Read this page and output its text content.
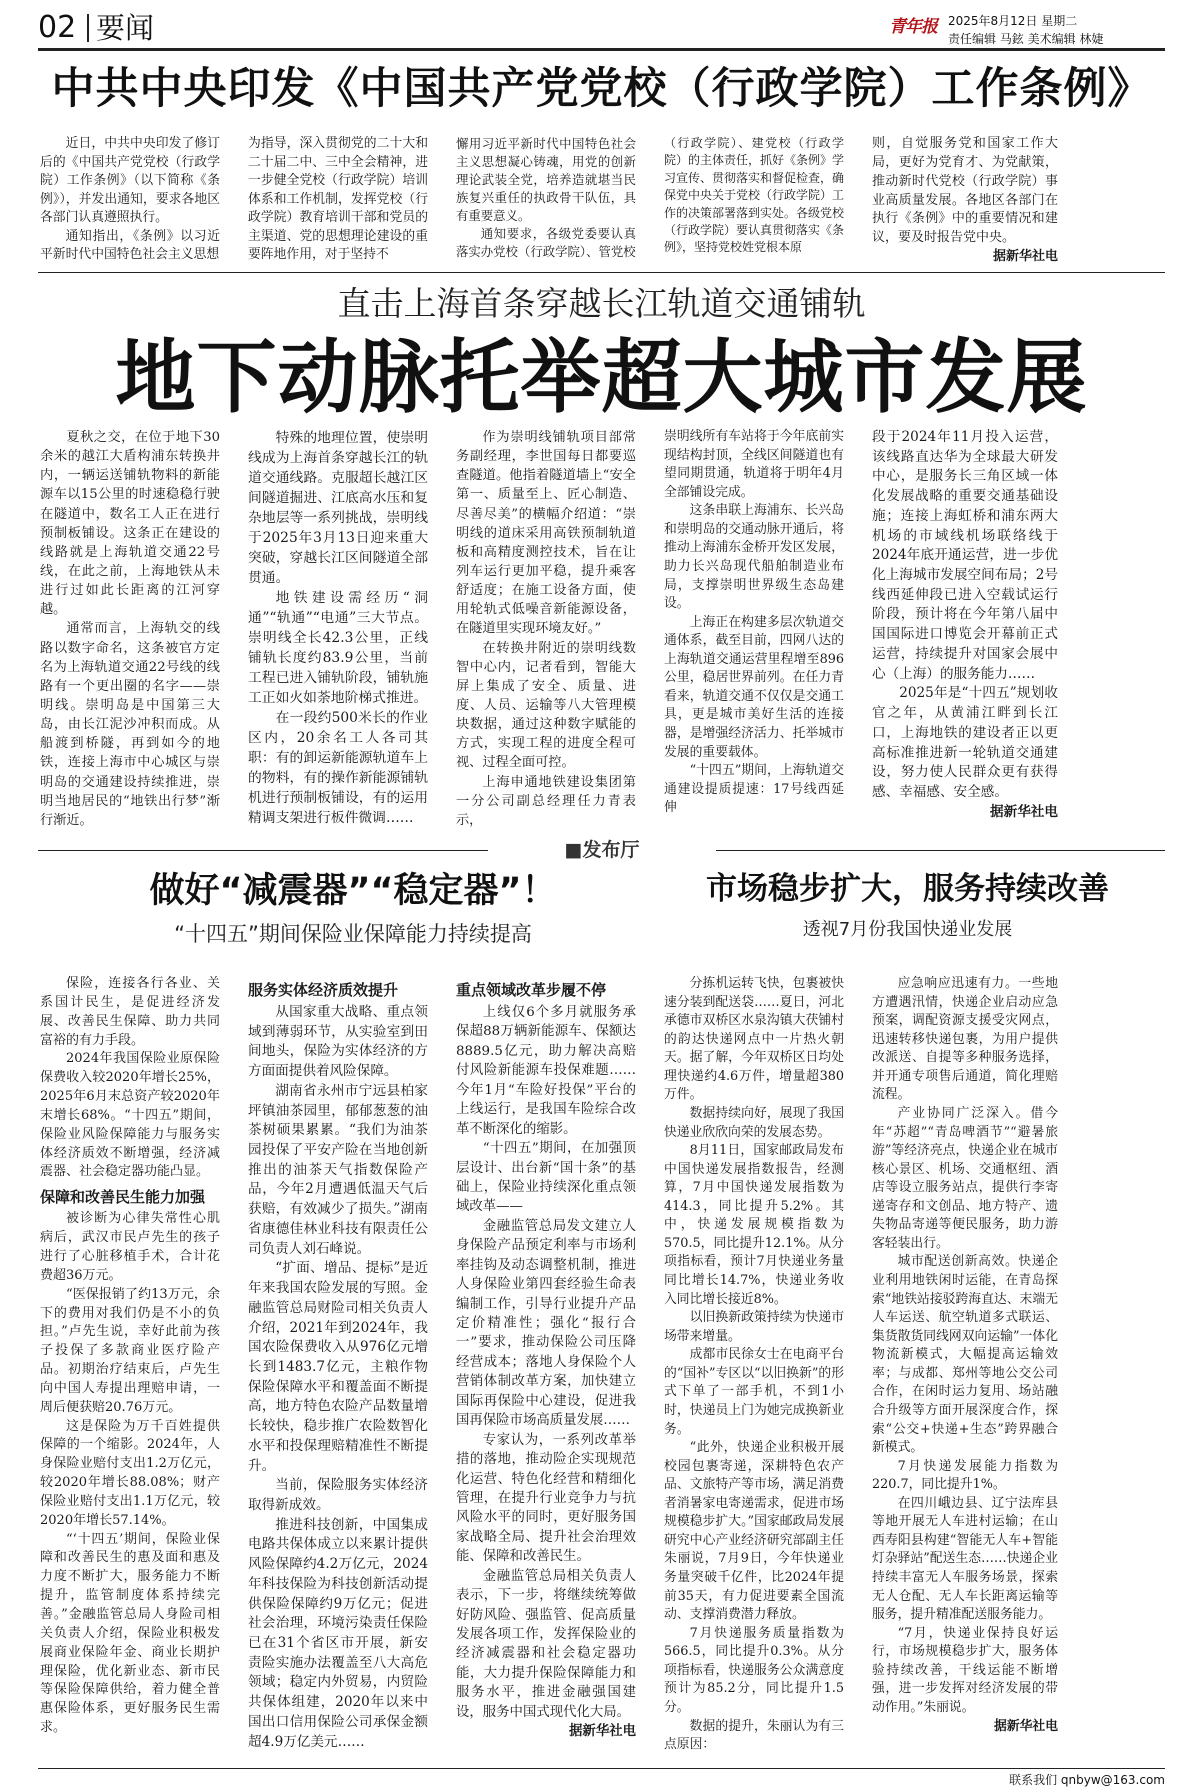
02 要闻	青年报 2025年8月12日 星期二
责任编辑 马鉉 美术编辑 林婕
中共中央印发《中国共产党党校（行政学院）工作条例》

近日，中共中央印发了修订后的《中国共产党党校（行政学院）工作条例》（以下简称《条例》），并发出通知，要求各地区各部门认真遵照执行。

通知指出，《条例》以习近平新时代中国特色社会主义思想

为指导，深入贯彻党的二十大和二十届二中、三中全会精神，进一步健全党校（行政学院）培训体系和工作机制，发挥党校（行政学院）教育培训干部和党员的主渠道、党的思想理论建设的重要阵地作用，对于坚持不

懈用习近平新时代中国特色社会主义思想凝心铸魂，用党的创新理论武装全党，培养造就堪当民族复兴重任的执政骨干队伍，具有重要意义。

通知要求，各级党委要认真落实办党校（行政学院）、管党校

（行政学院）、建党校（行政学院）的主体责任，抓好《条例》学习宣传、贯彻落实和督促检查，确保党中央关于党校（行政学院）工作的决策部署落到实处。各级党校（行政学院）要认真贯彻落实《条例》，坚持党校姓党根本原

则，自觉服务党和国家工作大局，更好为党育才、为党献策，推动新时代党校（行政学院）事业高质量发展。各地区各部门在执行《条例》中的重要情况和建议，要及时报告党中央。

据新华社电
直击上海首条穿越长江轨道交通铺轨
地下动脉托举超大城市发展

夏秋之交，在位于地下30余米的越江大盾构浦东转换井内，一辆运送铺轨物料的新能源车以15公里的时速稳稳行驶在隧道中，数名工人正在进行预制板铺设。这条正在建设的线路就是上海轨道交通22号线，在此之前，上海地铁从未进行过如此长距离的江河穿越。

通常而言，上海轨交的线路以数字命名，这条被官方定名为上海轨道交通22号线的线路有一个更出圈的名字——崇明线。崇明岛是中国第三大岛，由长江泥沙冲积而成。从船渡到桥隧，再到如今的地铁，连接上海市中心城区与崇明岛的交通建设持续推进，崇明当地居民的“地铁出行梦”渐行渐近。

特殊的地理位置，使崇明线成为上海首条穿越长江的轨道交通线路。克服超长越江区间隧道掘进、江底高水压和复杂地层等一系列挑战，崇明线于2025年3月13日迎来重大突破，穿越长江区间隧道全部贯通。

地铁建设需经历“洞通”“轨通”“电通”三大节点。崇明线全长42.3公里，正线铺轨长度约83.9公里，当前工程已进入铺轨阶段，铺轨施工正如火如荼地阶梯式推进。

在一段约500米长的作业区内，20余名工人各司其职：有的卸运新能源轨道车上的物料，有的操作新能源铺轨机进行预制板铺设，有的运用精调支架进行板件微调……

作为崇明线铺轨项目部常务副经理，李世国每日都要巡查隧道。他指着隧道墙上“安全第一、质量至上、匠心制造、尽善尽美”的横幅介绍道：“崇明线的道床采用高铁预制轨道板和高精度测控技术，旨在让列车运行更加平稳，提升乘客舒适度；在施工设备方面，使用轮轨式低噪音新能源设备，在隧道里实现环境友好。”

在转换井附近的崇明线数智中心内，记者看到，智能大屏上集成了安全、质量、进度、人员、运输等八大管理模块数据，通过这种数字赋能的方式，实现工程的进度全程可视、过程全面可控。

上海申通地铁建设集团第一分公司副总经理任力青表示，

崇明线所有车站将于今年底前实现结构封顶，全线区间隧道也有望同期贯通，轨道将于明年4月全部铺设完成。

这条串联上海浦东、长兴岛和崇明岛的交通动脉开通后，将推动上海浦东金桥开发区发展，助力长兴岛现代船舶制造业布局，支撑崇明世界级生态岛建设。

上海正在构建多层次轨道交通体系，截至目前，四网八达的上海轨道交通运营里程增至896公里，稳居世界前列。在任力青看来，轨道交通不仅仅是交通工具，更是城市美好生活的连接器，是增强经济活力、托举城市发展的重要载体。

“十四五”期间，上海轨道交通建设提质提速：17号线西延伸

段于2024年11月投入运营，该线路直达华为全球最大研发中心，是服务长三角区域一体化发展战略的重要交通基础设施；连接上海虹桥和浦东两大机场的市域线机场联络线于2024年底开通运营，进一步优化上海城市发展空间布局；2号线西延伸段已进入空载试运行阶段，预计将在今年第八届中国国际进口博览会开幕前正式运营，持续提升对国家会展中心（上海）的服务能力……

2025年是“十四五”规划收官之年，从黄浦江畔到长江口，上海地铁的建设者正以更高标准推进新一轮轨道交通建设，努力使人民群众更有获得感、幸福感、安全感。

据新华社电
■发布厅
做好“减震器”“稳定器”！
“十四五”期间保险业保障能力持续提高

保险，连接各行各业、关系国计民生，是促进经济发展、改善民生保障、助力共同富裕的有力手段。

2024年我国保险业原保险保费收入较2020年增长25%，2025年6月末总资产较2020年末增长68%。“十四五”期间，保险业风险保障能力与服务实体经济质效不断增强，经济减震器、社会稳定器功能凸显。

保障和改善民生能力加强

被诊断为心律失常性心肌病后，武汉市民卢先生的孩子进行了心脏移植手术，合计花费超36万元。

“医保报销了约13万元，余下的费用对我们仍是不小的负担。”卢先生说，幸好此前为孩子投保了多款商业医疗险产品。初期治疗结束后，卢先生向中国人寿提出理赔申请，一周后便获赔20.76万元。

这是保险为万千百姓提供保障的一个缩影。2024年，人身保险业赔付支出1.2万亿元，较2020年增长88.08%；财产保险业赔付支出1.1万亿元，较2020年增长57.14%。

“‘十四五’期间，保险业保障和改善民生的惠及面和惠及力度不断扩大，服务能力不断提升，监管制度体系持续完善。”金融监管总局人身险司相关负责人介绍，保险业积极发展商业保险年金、商业长期护理保险，优化新业态、新市民等保险保障供给，着力健全普惠保险体系，更好服务民生需求。

服务实体经济质效提升

从国家重大战略、重点领域到薄弱环节，从实验室到田间地头，保险为实体经济的方方面面提供着风险保障。

湖南省永州市宁远县柏家坪镇油茶园里，郁郁葱葱的油茶树硕果累累。“我们为油茶园投保了平安产险在当地创新推出的油茶天气指数保险产品，今年2月遭遇低温天气后获赔，有效减少了损失。”湖南省康德佳林业科技有限责任公司负责人刘石峰说。

“扩面、增品、提标”是近年来我国农险发展的写照。金融监管总局财险司相关负责人介绍，2021年到2024年，我国农险保费收入从976亿元增长到1483.7亿元，主粮作物保险保障水平和覆盖面不断提高，地方特色农险产品数量增长较快，稳步推广农险数智化水平和投保理赔精准性不断提升。

当前，保险服务实体经济取得新成效。

推进科技创新，中国集成电路共保体成立以来累计提供风险保障约4.2万亿元，2024年科技保险为科技创新活动提供保险保障约9万亿元；促进社会治理，环境污染责任保险已在31个省区市开展，新安责险实施办法覆盖至八大高危领域；稳定内外贸易，内贸险共保体组建，2020年以来中国出口信用保险公司承保金额超4.9万亿美元……

重点领域改革步履不停

上线仅6个多月就服务承保超88万辆新能源车、保额达8889.5亿元，助力解决高赔付风险新能源车投保难题……今年1月“车险好投保”平台的上线运行，是我国车险综合改革不断深化的缩影。

“十四五”期间，在加强顶层设计、出台新“国十条”的基础上，保险业持续深化重点领域改革——

金融监管总局发文建立人身保险产品预定利率与市场利率挂钩及动态调整机制，推进人身保险业第四套经验生命表编制工作，引导行业提升产品定价精准性；强化“报行合一”要求，推动保险公司压降经营成本；落地人身保险个人营销体制改革方案，加快建立国际再保险中心建设，促进我国再保险市场高质量发展……

专家认为，一系列改革举措的落地，推动险企实现规范化运营、特色化经营和精细化管理，在提升行业竞争力与抗风险水平的同时，更好服务国家战略全局、提升社会治理效能、保障和改善民生。

金融监管总局相关负责人表示，下一步，将继续统筹做好防风险、强监管、促高质量发展各项工作，发挥保险业的经济减震器和社会稳定器功能，大力提升保险保障能力和服务水平，推进金融强国建设，服务中国式现代化大局。

据新华社电
市场稳步扩大，服务持续改善
透视7月份我国快递业发展

分拣机运转飞快，包裹被快速分装到配送袋……夏日，河北承德市双桥区水泉沟镇大茯铺村的韵达快递网点中一片热火朝天。据了解，今年双桥区日均处理快递约4.6万件，增量超380万件。

数据持续向好，展现了我国快递业欣欣向荣的发展态势。

8月11日，国家邮政局发布中国快递发展指数报告，经测算，7月中国快递发展指数为414.3，同比提升5.2%。其中，快递发展规模指数为570.5，同比提升12.1%。从分项指标看，预计7月快递业务量同比增长14.7%，快递业务收入同比增长接近8%。

以旧换新政策持续为快递市场带来增量。

成都市民徐女士在电商平台的“国补”专区以“以旧换新”的形式下单了一部手机，不到1小时，快递员上门为她完成换新业务。

“此外，快递企业积极开展校园包裹寄递，深耕特色农产品、文旅特产等市场，满足消费者消暑家电寄递需求，促进市场规模稳步扩大。”国家邮政局发展研究中心产业经济研究部副主任朱丽说，7月9日，今年快递业务量突破千亿件，比2024年提前35天，有力促进要素全国流动、支撑消费潜力释放。

7月快递服务质量指数为566.5，同比提升0.3%。从分项指标看，快递服务公众满意度预计为85.2分，同比提升1.5分。

数据的提升，朱丽认为有三点原因：

应急响应迅速有力。一些地方遭遇汛情，快递企业启动应急预案，调配资源支援受灾网点，迅速转移快递包裹，为用户提供改派送、自提等多种服务选择，并开通专项售后通道，简化理赔流程。

产业协同广泛深入。借今年“苏超”“青岛啤酒节”“避暑旅游”等经济亮点，快递企业在城市核心景区、机场、交通枢纽、酒店等设立服务站点，提供行李寄递寄存和文创品、地方特产、遗失物品寄递等便民服务，助力游客轻装出行。

城市配送创新高效。快递企业利用地铁闲时运能，在青岛探索“地铁站接驳跨海直达、末端无人车运送、航空轨道多式联运、集货散货同线网双向运输”一体化物流新模式，大幅提高运输效率；与成都、郑州等地公交公司合作，在闲时运力复用、场站融合升级等方面开展深度合作，探索“公交+快递+生态”跨界融合新模式。

7月快递发展能力指数为220.7，同比提升1%。

在四川峨边县、辽宁法库县等地开展无人车进村运输；在山西寿阳县构建“智能无人车+智能灯杂驿站”配送生态……快递企业持续丰富无人车服务场景，探索无人仓配、无人车长距离运输等服务，提升精准配送服务能力。

“7月，快递业保持良好运行，市场规模稳步扩大，服务体验持续改善，干线运能不断增强，进一步发挥对经济发展的带动作用。”朱丽说。

据新华社电
联系我们 qnbyw@163.com
